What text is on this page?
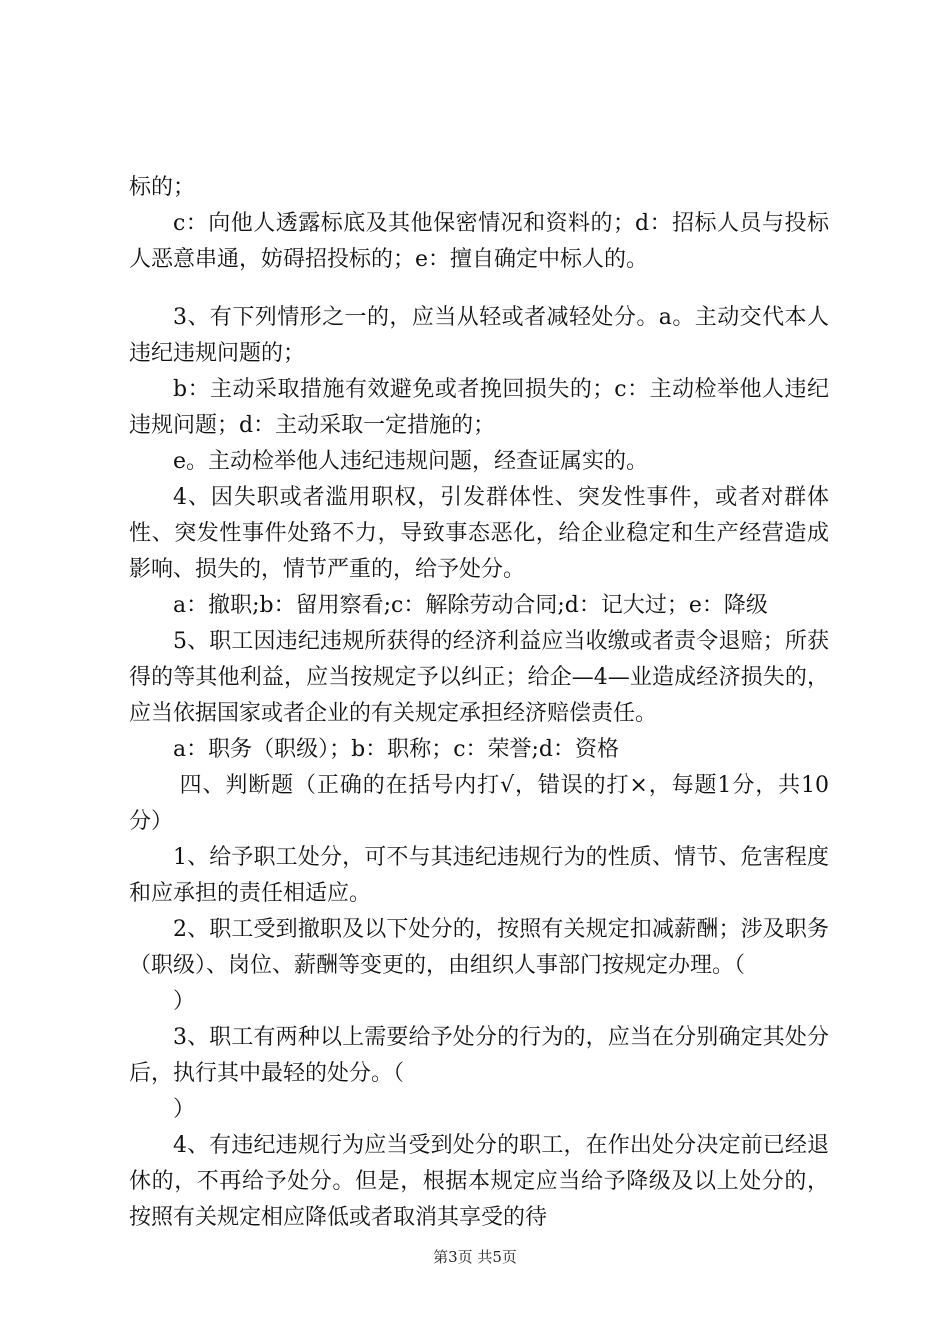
标的；
c：向他人透露标底及其他保密情况和资料的；d：招标人员与投标人恶意串通，妨碍招投标的；e：擅自确定中标人的。
3、有下列情形之一的，应当从轻或者减轻处分。a。主动交代本人违纪违规问题的；
b：主动采取措施有效避免或者挽回损失的；c：主动检举他人违纪违规问题；d：主动采取一定措施的；
e。主动检举他人违纪违规问题，经查证属实的。
4、因失职或者滥用职权，引发群体性、突发性事件，或者对群体性、突发性事件处臵不力，导致事态恶化，给企业稳定和生产经营造成影响、损失的，情节严重的，给予处分。
a：撤职;b：留用察看;c：解除劳动合同;d：记大过；e：降级
5、职工因违纪违规所获得的经济利益应当收缴或者责令退赔；所获得的等其他利益，应当按规定予以纠正；给企—4—业造成经济损失的，应当依据国家或者企业的有关规定承担经济赔偿责任。
a：职务（职级）；b：职称；c：荣誉;d：资格
四、判断题（正确的在括号内打√，错误的打×，每题1分，共10分）
1、给予职工处分，可不与其违纪违规行为的性质、情节、危害程度和应承担的责任相适应。
2、职工受到撤职及以下处分的，按照有关规定扣减薪酬；涉及职务（职级）、岗位、薪酬等变更的，由组织人事部门按规定办理。（
）
3、职工有两种以上需要给予处分的行为的，应当在分别确定其处分后，执行其中最轻的处分。（
）
4、有违纪违规行为应当受到处分的职工，在作出处分决定前已经退休的，不再给予处分。但是，根据本规定应当给予降级及以上处分的，按照有关规定相应降低或者取消其享受的待
第3页 共5页
